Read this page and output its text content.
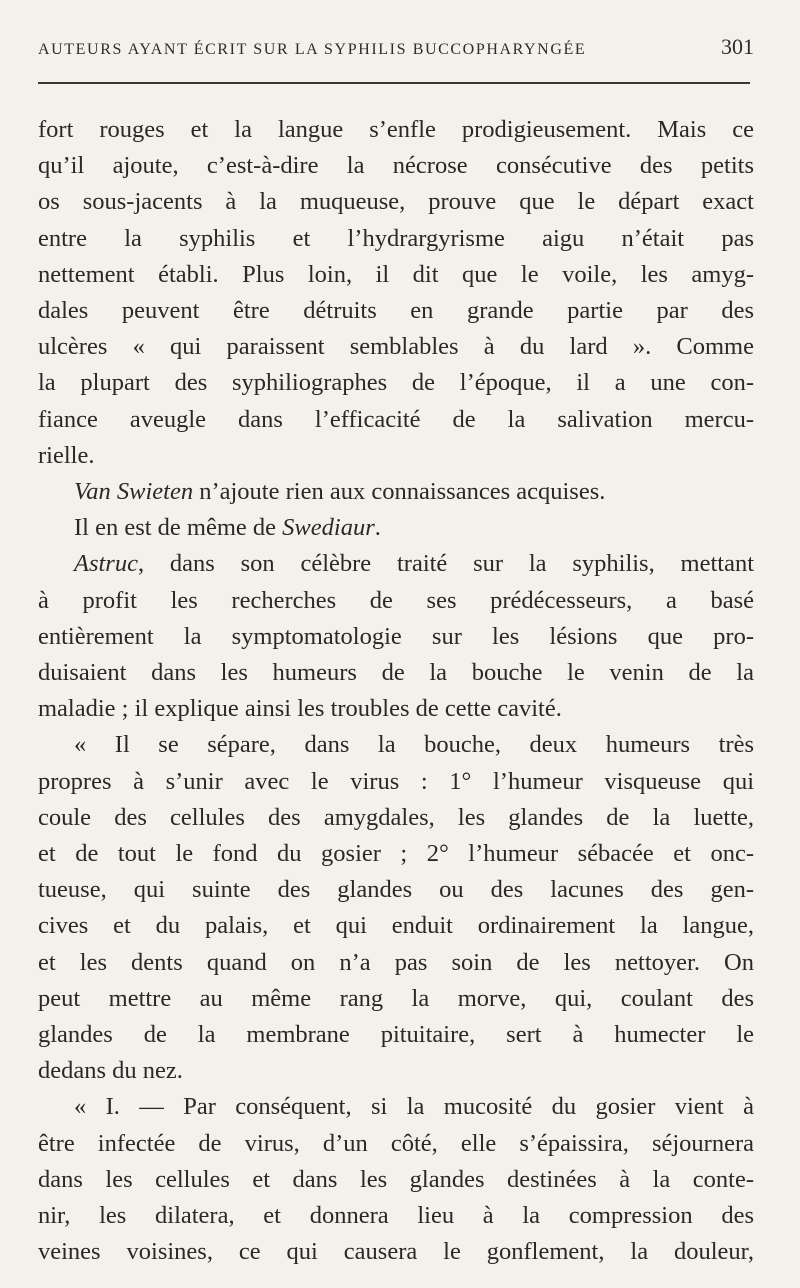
AUTEURS AYANT ÉCRIT SUR LA SYPHILIS BUCCOPHARYNGÉE	301

fort rouges et la langue s’enfle prodigieusement. Mais ce

qu’il ajoute, c’est-à-dire la nécrose consécutive des petits

os sous-jacents à la muqueuse, prouve que le départ exact

entre la syphilis et l’hydrargyrisme aigu n’était pas

nettement établi. Plus loin, il dit que le voile, les amyg-

dales peuvent être détruits en grande partie par des

ulcères « qui paraissent semblables à du lard ». Comme

la plupart des syphiliographes de l’époque, il a une con-

fiance aveugle dans l’efficacité de la salivation mercu-

rielle.

Van Swieten n’ajoute rien aux connaissances acquises.

Il en est de même de Swediaur.

Astruc, dans son célèbre traité sur la syphilis, mettant

à profit les recherches de ses prédécesseurs, a basé

entièrement la symptomatologie sur les lésions que pro-

duisaient dans les humeurs de la bouche le venin de la

maladie ; il explique ainsi les troubles de cette cavité.

« Il se sépare, dans la bouche, deux humeurs très

propres à s’unir avec le virus : 1° l’humeur visqueuse qui

coule des cellules des amygdales, les glandes de la luette,

et de tout le fond du gosier ; 2° l’humeur sébacée et onc-

tueuse, qui suinte des glandes ou des lacunes des gen-

cives et du palais, et qui enduit ordinairement la langue,

et les dents quand on n’a pas soin de les nettoyer. On

peut mettre au même rang la morve, qui, coulant des

glandes de la membrane pituitaire, sert à humecter le

dedans du nez.

« I. — Par conséquent, si la mucosité du gosier vient à

être infectée de virus, d’un côté, elle s’épaissira, séjournera

dans les cellules et dans les glandes destinées à la conte-

nir, les dilatera, et donnera lieu à la compression des

veines voisines, ce qui causera le gonflement, la douleur,
